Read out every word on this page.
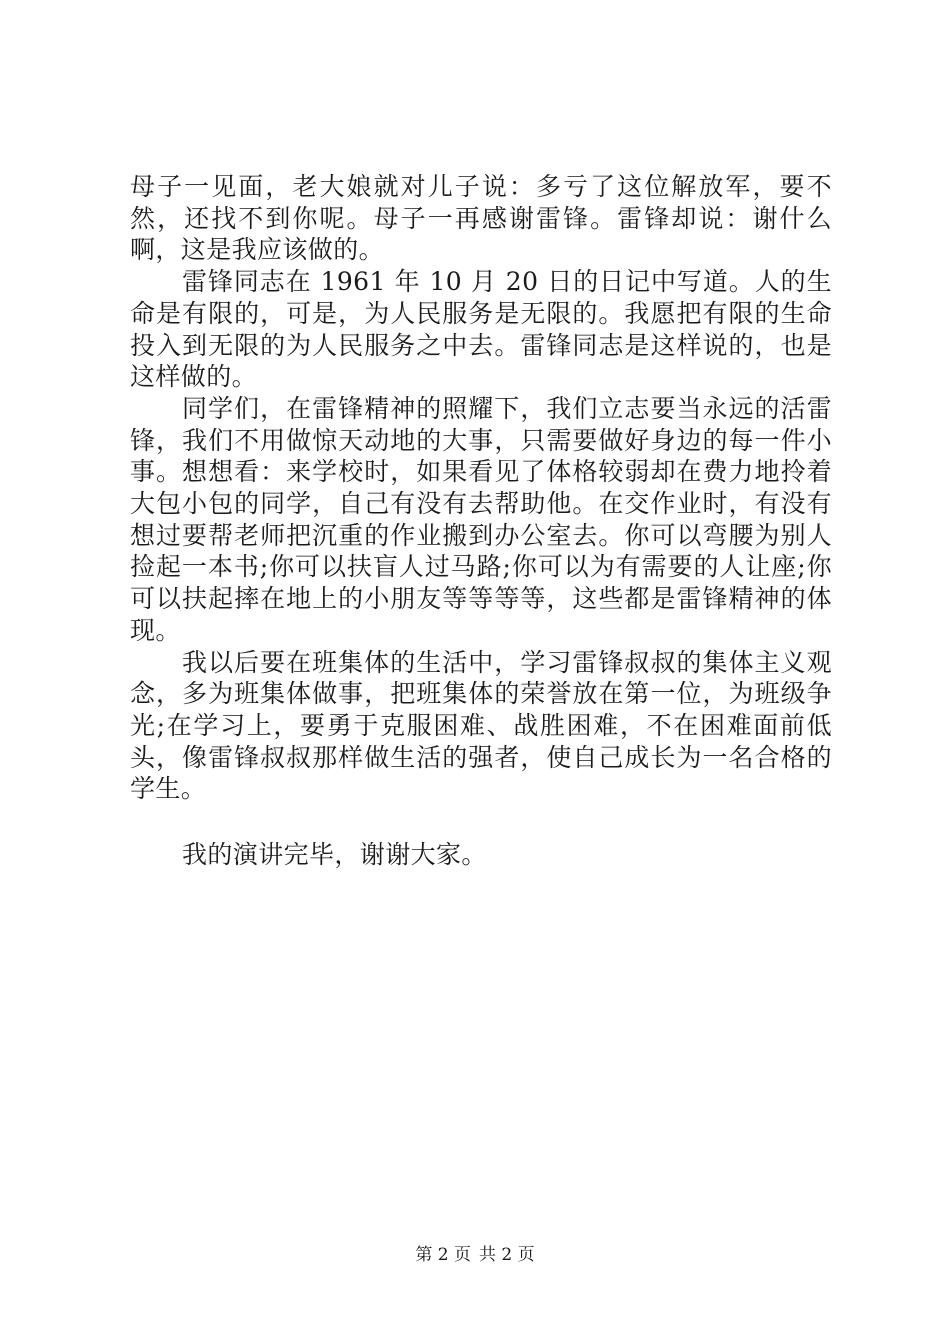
母子一见面，老大娘就对儿子说：多亏了这位解放军，要不然，还找不到你呢。母子一再感谢雷锋。雷锋却说：谢什么啊，这是我应该做的。

雷锋同志在 1961 年 10 月 20 日的日记中写道。人的生命是有限的，可是，为人民服务是无限的。我愿把有限的生命投入到无限的为人民服务之中去。雷锋同志是这样说的，也是这样做的。

同学们，在雷锋精神的照耀下，我们立志要当永远的活雷锋，我们不用做惊天动地的大事，只需要做好身边的每一件小事。想想看：来学校时，如果看见了体格较弱却在费力地拎着大包小包的同学，自己有没有去帮助他。在交作业时，有没有想过要帮老师把沉重的作业搬到办公室去。你可以弯腰为别人捡起一本书;你可以扶盲人过马路;你可以为有需要的人让座;你可以扶起摔在地上的小朋友等等等等，这些都是雷锋精神的体现。

我以后要在班集体的生活中，学习雷锋叔叔的集体主义观念，多为班集体做事，把班集体的荣誉放在第一位，为班级争光;在学习上，要勇于克服困难、战胜困难，不在困难面前低头，像雷锋叔叔那样做生活的强者，使自己成长为一名合格的学生。

我的演讲完毕，谢谢大家。

第 2 页 共 2 页
